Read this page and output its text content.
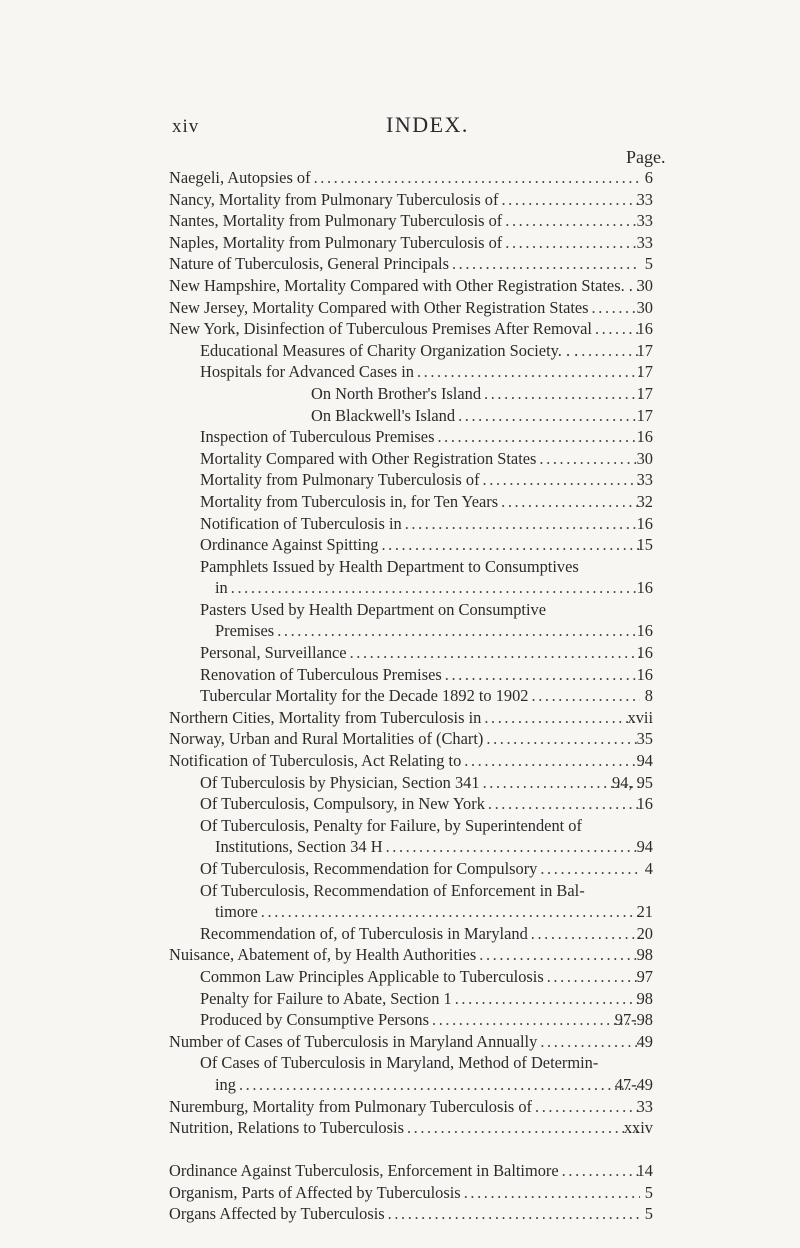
xiv	INDEX.
Page.
Naegeli, Autopsies of .....	6
Nancy, Mortality from Pulmonary Tuberculosis of .....	33
Nantes, Mortality from Pulmonary Tuberculosis of .....	33
Naples, Mortality from Pulmonary Tuberculosis of .....	33
Nature of Tuberculosis, General Principals .....	5
New Hampshire, Mortality Compared with Other Registration States. . ..... 30
New Jersey, Mortality Compared with Other Registration States .....	30
New York, Disinfection of Tuberculous Premises After Removal .....	16
Educational Measures of Charity Organization Society. . . .....	17
Hospitals for Advanced Cases in .....	17
On North Brother's Island .....	17
On Blackwell's Island .....	17
Inspection of Tuberculous Premises .....	16
Mortality Compared with Other Registration States .....	30
Mortality from Pulmonary Tuberculosis of .....	33
Mortality from Tuberculosis in, for Ten Years .....	32
Notification of Tuberculosis in .....	16
Ordinance Against Spitting .....	15
Pamphlets Issued by Health Department to Consumptives
in .....	16
Pasters Used by Health Department on Consumptive
Premises .....	16
Personal, Surveillance .....	16
Renovation of Tuberculous Premises .....	16
Tubercular Mortality for the Decade 1892 to 1902 .....	8
Northern Cities, Mortality from Tuberculosis in .....	xvii
Norway, Urban and Rural Mortalities of (Chart) .....	35
Notification of Tuberculosis, Act Relating to .....	94
Of Tuberculosis by Physician, Section 341 .....	94, 95
Of Tuberculosis, Compulsory, in New York .....	16
Of Tuberculosis, Penalty for Failure, by Superintendent of
Institutions, Section 34 H .....	94
Of Tuberculosis, Recommendation for Compulsory .....	4
Of Tuberculosis, Recommendation of Enforcement in Bal-
timore .....	21
Recommendation of, of Tuberculosis in Maryland .....	20
Nuisance, Abatement of, by Health Authorities .....	98
Common Law Principles Applicable to Tuberculosis .....	97
Penalty for Failure to Abate, Section 1 .....	98
Produced by Consumptive Persons .....	97-98
Number of Cases of Tuberculosis in Maryland Annually .....	49
Of Cases of Tuberculosis in Maryland, Method of Determin-
ing .....	47-49
Nuremburg, Mortality from Pulmonary Tuberculosis of .....	33
Nutrition, Relations to Tuberculosis .....	xxiv
Ordinance Against Tuberculosis, Enforcement in Baltimore .....	14
Organism, Parts of Affected by Tuberculosis .....	5
Organs Affected by Tuberculosis .....	5
